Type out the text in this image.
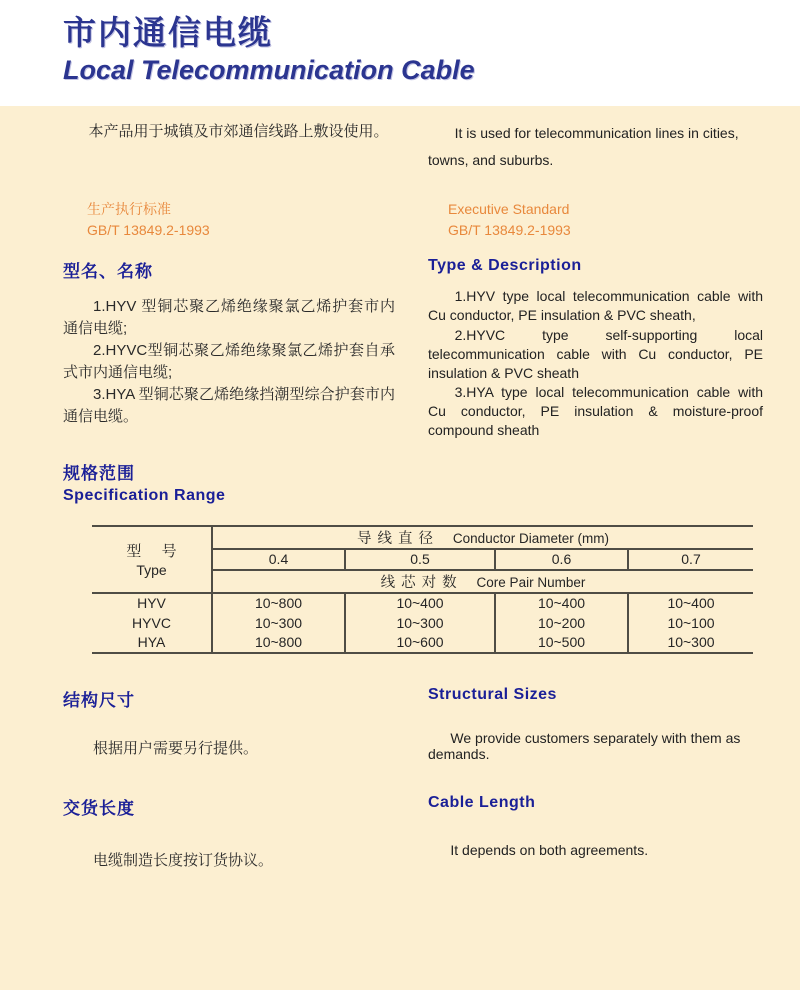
市内通信电缆
Local Telecommunication Cable

本产品用于城镇及市郊通信线路上敷设使用。	It is used for telecommunication lines in cities, towns, and suburbs.

生产执行标准
GB/T 13849.2-1993
Executive Standard
GB/T 13849.2-1993
型名、名称

1.HYV 型铜芯聚乙烯绝缘聚氯乙烯护套市内通信电缆;

2.HYVC型铜芯聚乙烯绝缘聚氯乙烯护套自承式市内通信电缆;

3.HYA 型铜芯聚乙烯绝缘挡潮型综合护套市内通信电缆。

Type & Description

1.HYV type local telecommunication cable with Cu conductor, PE insulation & PVC sheath,

2.HYVC type self-supporting local telecommunication cable with Cu conductor, PE insulation & PVC sheath

3.HYA type local telecommunication cable with Cu conductor, PE insulation & moisture-proof compound sheath

规格范围
Specification Range
型 号
Type	导线直径 Conductor Diameter (mm)			
	0.4	0.5	0.6	0.7
	线芯对数 Core Pair Number			
HYV	10~800	10~400	10~400	10~400
HYVC	10~300	10~300	10~200	10~100
HYA	10~800	10~600	10~500	10~300
结构尺寸

根据用户需要另行提供。

Structural Sizes

We provide customers separately with them as demands.

交货长度

电缆制造长度按订货协议。

Cable Length

It depends on both agreements.
